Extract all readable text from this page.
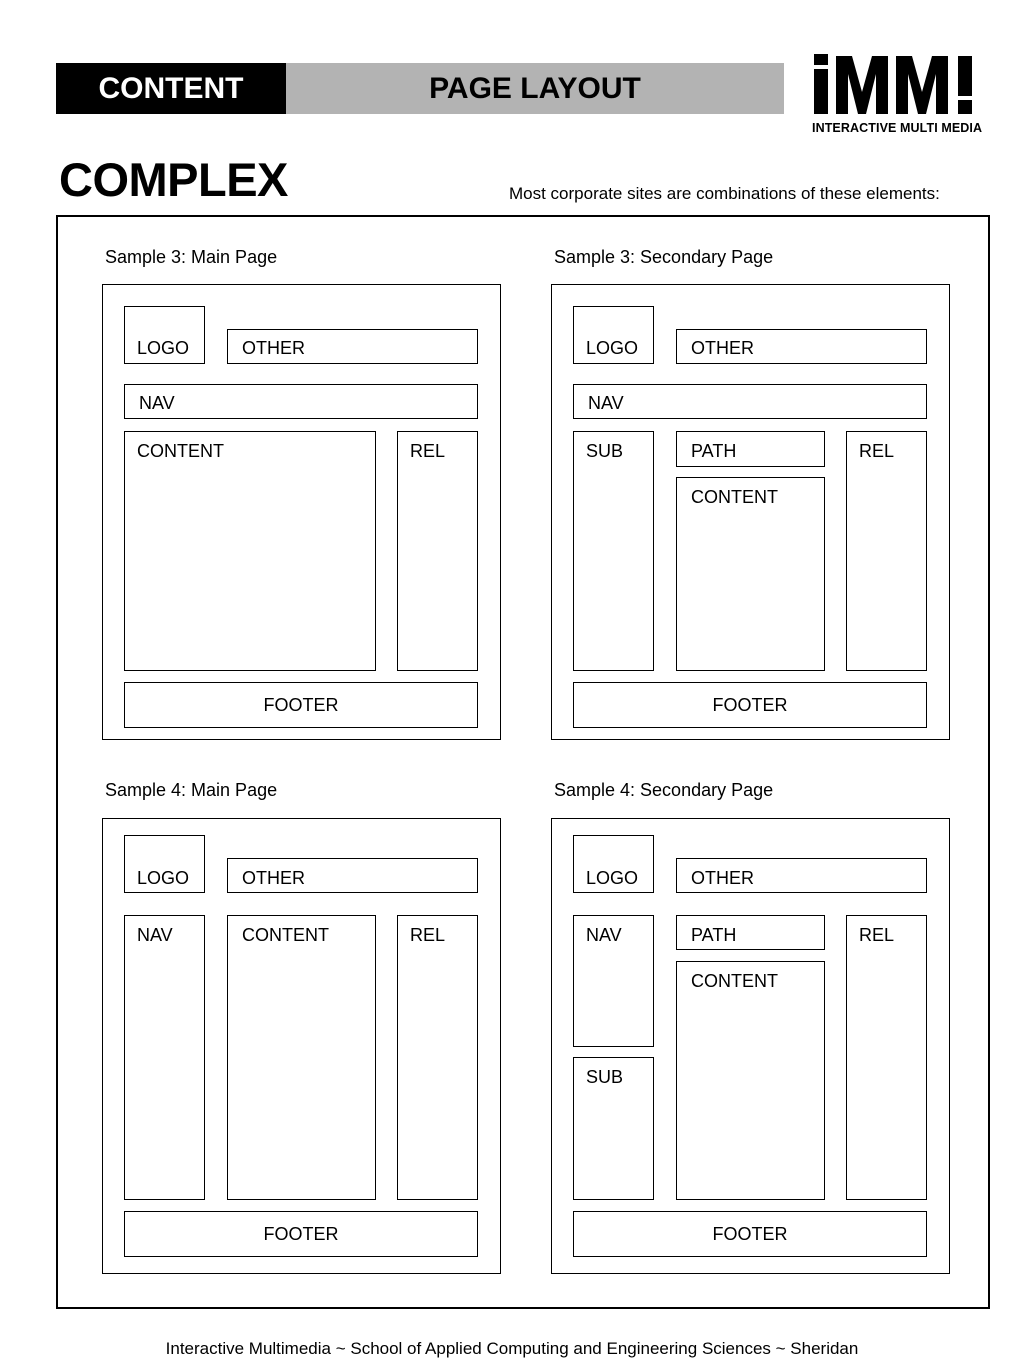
CONTENT	PAGE LAYOUT
INTERACTIVE MULTI MEDIA
COMPLEX	Most corporate sites are combinations of these elements:
Sample 3: Main Page
LOGO	OTHER
NAV
CONTENT	REL
FOOTER
Sample 3: Secondary Page
LOGO	OTHER
NAV
SUB	PATH
CONTENT
REL
FOOTER
Sample 4: Main Page
LOGO	OTHER
NAV	CONTENT	REL
FOOTER
Sample 4: Secondary Page
LOGO	OTHER
NAV
SUB
PATH
CONTENT
REL
FOOTER
Interactive Multimedia ~ School of Applied Computing and Engineering Sciences ~ Sheridan
